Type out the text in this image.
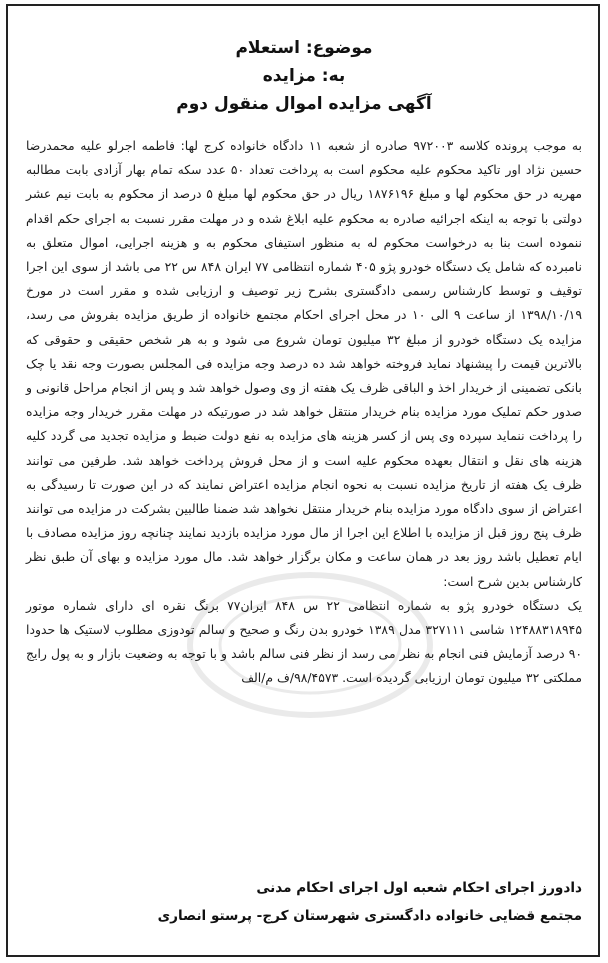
موضوع: استعلام
به: مزایده
آگهی مزایده اموال منقول دوم

به موجب پرونده کلاسه ۹۷۲۰۰۳ صادره از شعبه ۱۱ دادگاه خانواده کرج لها: فاطمه اجرلو علیه محمدرضا حسین نژاد اور تاکید محکوم علیه محکوم است به پرداخت تعداد ۵۰ عدد سکه تمام بهار آزادی بابت مطالبه مهریه در حق محکوم لها و مبلغ ۱۸۷۶۱۹۶ ریال در حق محکوم لها مبلغ ۵ درصد از محکوم به بابت نیم عشر دولتی با توجه به اینکه اجرائیه صادره به محکوم علیه ابلاغ شده و در مهلت مقرر نسبت به اجرای حکم اقدام ننموده است بنا به درخواست محکوم له به منظور استیفای محکوم به و هزینه اجرایی، اموال متعلق به نامبرده که شامل یک دستگاه خودرو پژو ۴۰۵ شماره انتظامی ۷۷ ایران ۸۴۸ س ۲۲ می باشد از سوی این اجرا توقیف و توسط کارشناس رسمی دادگستری بشرح زیر توصیف و ارزیابی شده و مقرر است در مورخ ۱۳۹۸/۱۰/۱۹ از ساعت ۹ الی ۱۰ در محل اجرای احکام مجتمع خانواده از طریق مزایده بفروش می رسد، مزایده یک دستگاه خودرو از مبلغ ۳۲ میلیون تومان شروع می شود و به هر شخص حقیقی و حقوقی که بالاترین قیمت را پیشنهاد نماید فروخته خواهد شد ده درصد وجه مزایده فی المجلس بصورت وجه نقد یا چک بانکی تضمینی از خریدار اخذ و الباقی ظرف یک هفته از وی وصول خواهد شد و پس از انجام مراحل قانونی و صدور حکم تملیک مورد مزایده بنام خریدار منتقل خواهد شد در صورتیکه در مهلت مقرر خریدار وجه مزایده را پرداخت ننماید سپرده وی پس از کسر هزینه های مزایده به نفع دولت ضبط و مزایده تجدید می گردد کلیه هزینه های نقل و انتقال بعهده محکوم علیه است و از محل فروش پرداخت خواهد شد. طرفین می توانند ظرف یک هفته از تاریخ مزایده نسبت به نحوه انجام مزایده اعتراض نمایند که در این صورت تا رسیدگی به اعتراض از سوی دادگاه مورد مزایده بنام خریدار منتقل نخواهد شد ضمنا طالبین بشرکت در مزایده می توانند ظرف پنج روز قبل از مزایده با اطلاع این اجرا از مال مورد مزایده بازدید نمایند چنانچه روز مزایده مصادف با ایام تعطیل باشد روز بعد در همان ساعت و مکان برگزار خواهد شد. مال مورد مزایده و بهای آن طبق نظر کارشناس بدین شرح است:

یک دستگاه خودرو پژو به شماره انتظامی ۲۲ س ۸۴۸ ایران۷۷ برنگ نقره ای دارای شماره موتور ۱۲۴۸۸۳۱۸۹۴۵ شاسی ۳۲۷۱۱۱ مدل ۱۳۸۹ خودرو بدن رنگ و صحیح و سالم تودوزی مطلوب لاستیک ها حدودا ۹۰ درصد آزمایش فنی انجام به نظر می رسد از نظر فنی سالم باشد و با توجه به وضعیت بازار و به پول رایج مملکتی ۳۲ میلیون تومان ارزیابی گردیده است. ۹۸/۴۵۷۳/ف م/الف

دادورز اجرای احکام شعبه اول اجرای احکام مدنی
مجتمع قضایی خانواده دادگستری شهرستان کرج- پرستو انصاری
